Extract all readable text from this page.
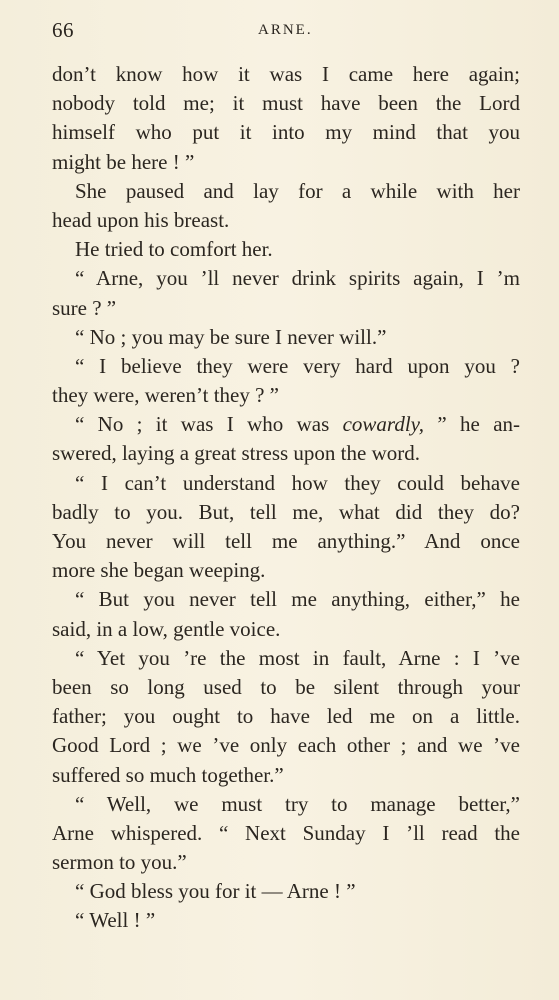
66	ARNE.
don’t know how it was I came here again;
nobody told me; it must have been the Lord
himself who put it into my mind that you
might be here ! ”
She paused and lay for a while with her
head upon his breast.
He tried to comfort her.
“ Arne, you ’ll never drink spirits again, I ’m
sure ? ”
“ No ; you may be sure I never will.”
“ I believe they were very hard upon you ?
they were, weren’t they ? ”
“ No ; it was I who was cowardly, ” he an-
swered, laying a great stress upon the word.
“ I can’t understand how they could behave
badly to you. But, tell me, what did they do?
You never will tell me anything.” And once
more she began weeping.
“ But you never tell me anything, either,” he
said, in a low, gentle voice.
“ Yet you ’re the most in fault, Arne : I ’ve
been so long used to be silent through your
father; you ought to have led me on a little.
Good Lord ; we ’ve only each other ; and we ’ve
suffered so much together.”
“ Well, we must try to manage better,”
Arne whispered. “ Next Sunday I ’ll read the
sermon to you.”
“ God bless you for it — Arne ! ”
“ Well ! ”
